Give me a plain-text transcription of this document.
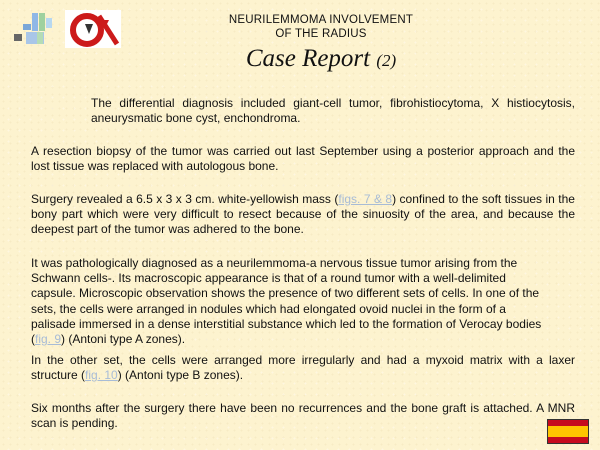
NEURILEMMOMA INVOLVEMENT
OF THE RADIUS
Case Report (2)
The differential diagnosis included giant-cell tumor, fibrohistiocytoma, X histiocytosis, aneurysmatic bone cyst, enchondroma.
A resection biopsy of the tumor was carried out last September using a posterior approach and the lost tissue was replaced with autologous bone.
Surgery revealed a 6.5 x 3 x 3 cm. white-yellowish mass (figs. 7 & 8) confined to the soft tissues in the bony part which were very difficult to resect because of the sinuosity of the area, and because the deepest part of the tumor was adhered to the bone.
It was pathologically diagnosed as a neurilemmoma-a nervous tissue tumor arising from the Schwann cells-. Its macroscopic appearance is that of a round tumor with a well-delimited capsule. Microscopic observation shows the presence of two different sets of cells. In one of the sets, the cells were arranged in nodules which had elongated ovoid nuclei in the form of a palisade immersed in a dense interstitial substance which led to the formation of Verocay bodies (fig. 9) (Antoni type A zones).
In the other set, the cells were arranged more irregularly and had a myxoid matrix with a laxer structure (fig. 10) (Antoni type B zones).
Six months after the surgery there have been no recurrences and the bone graft is attached. A MNR scan is pending.
